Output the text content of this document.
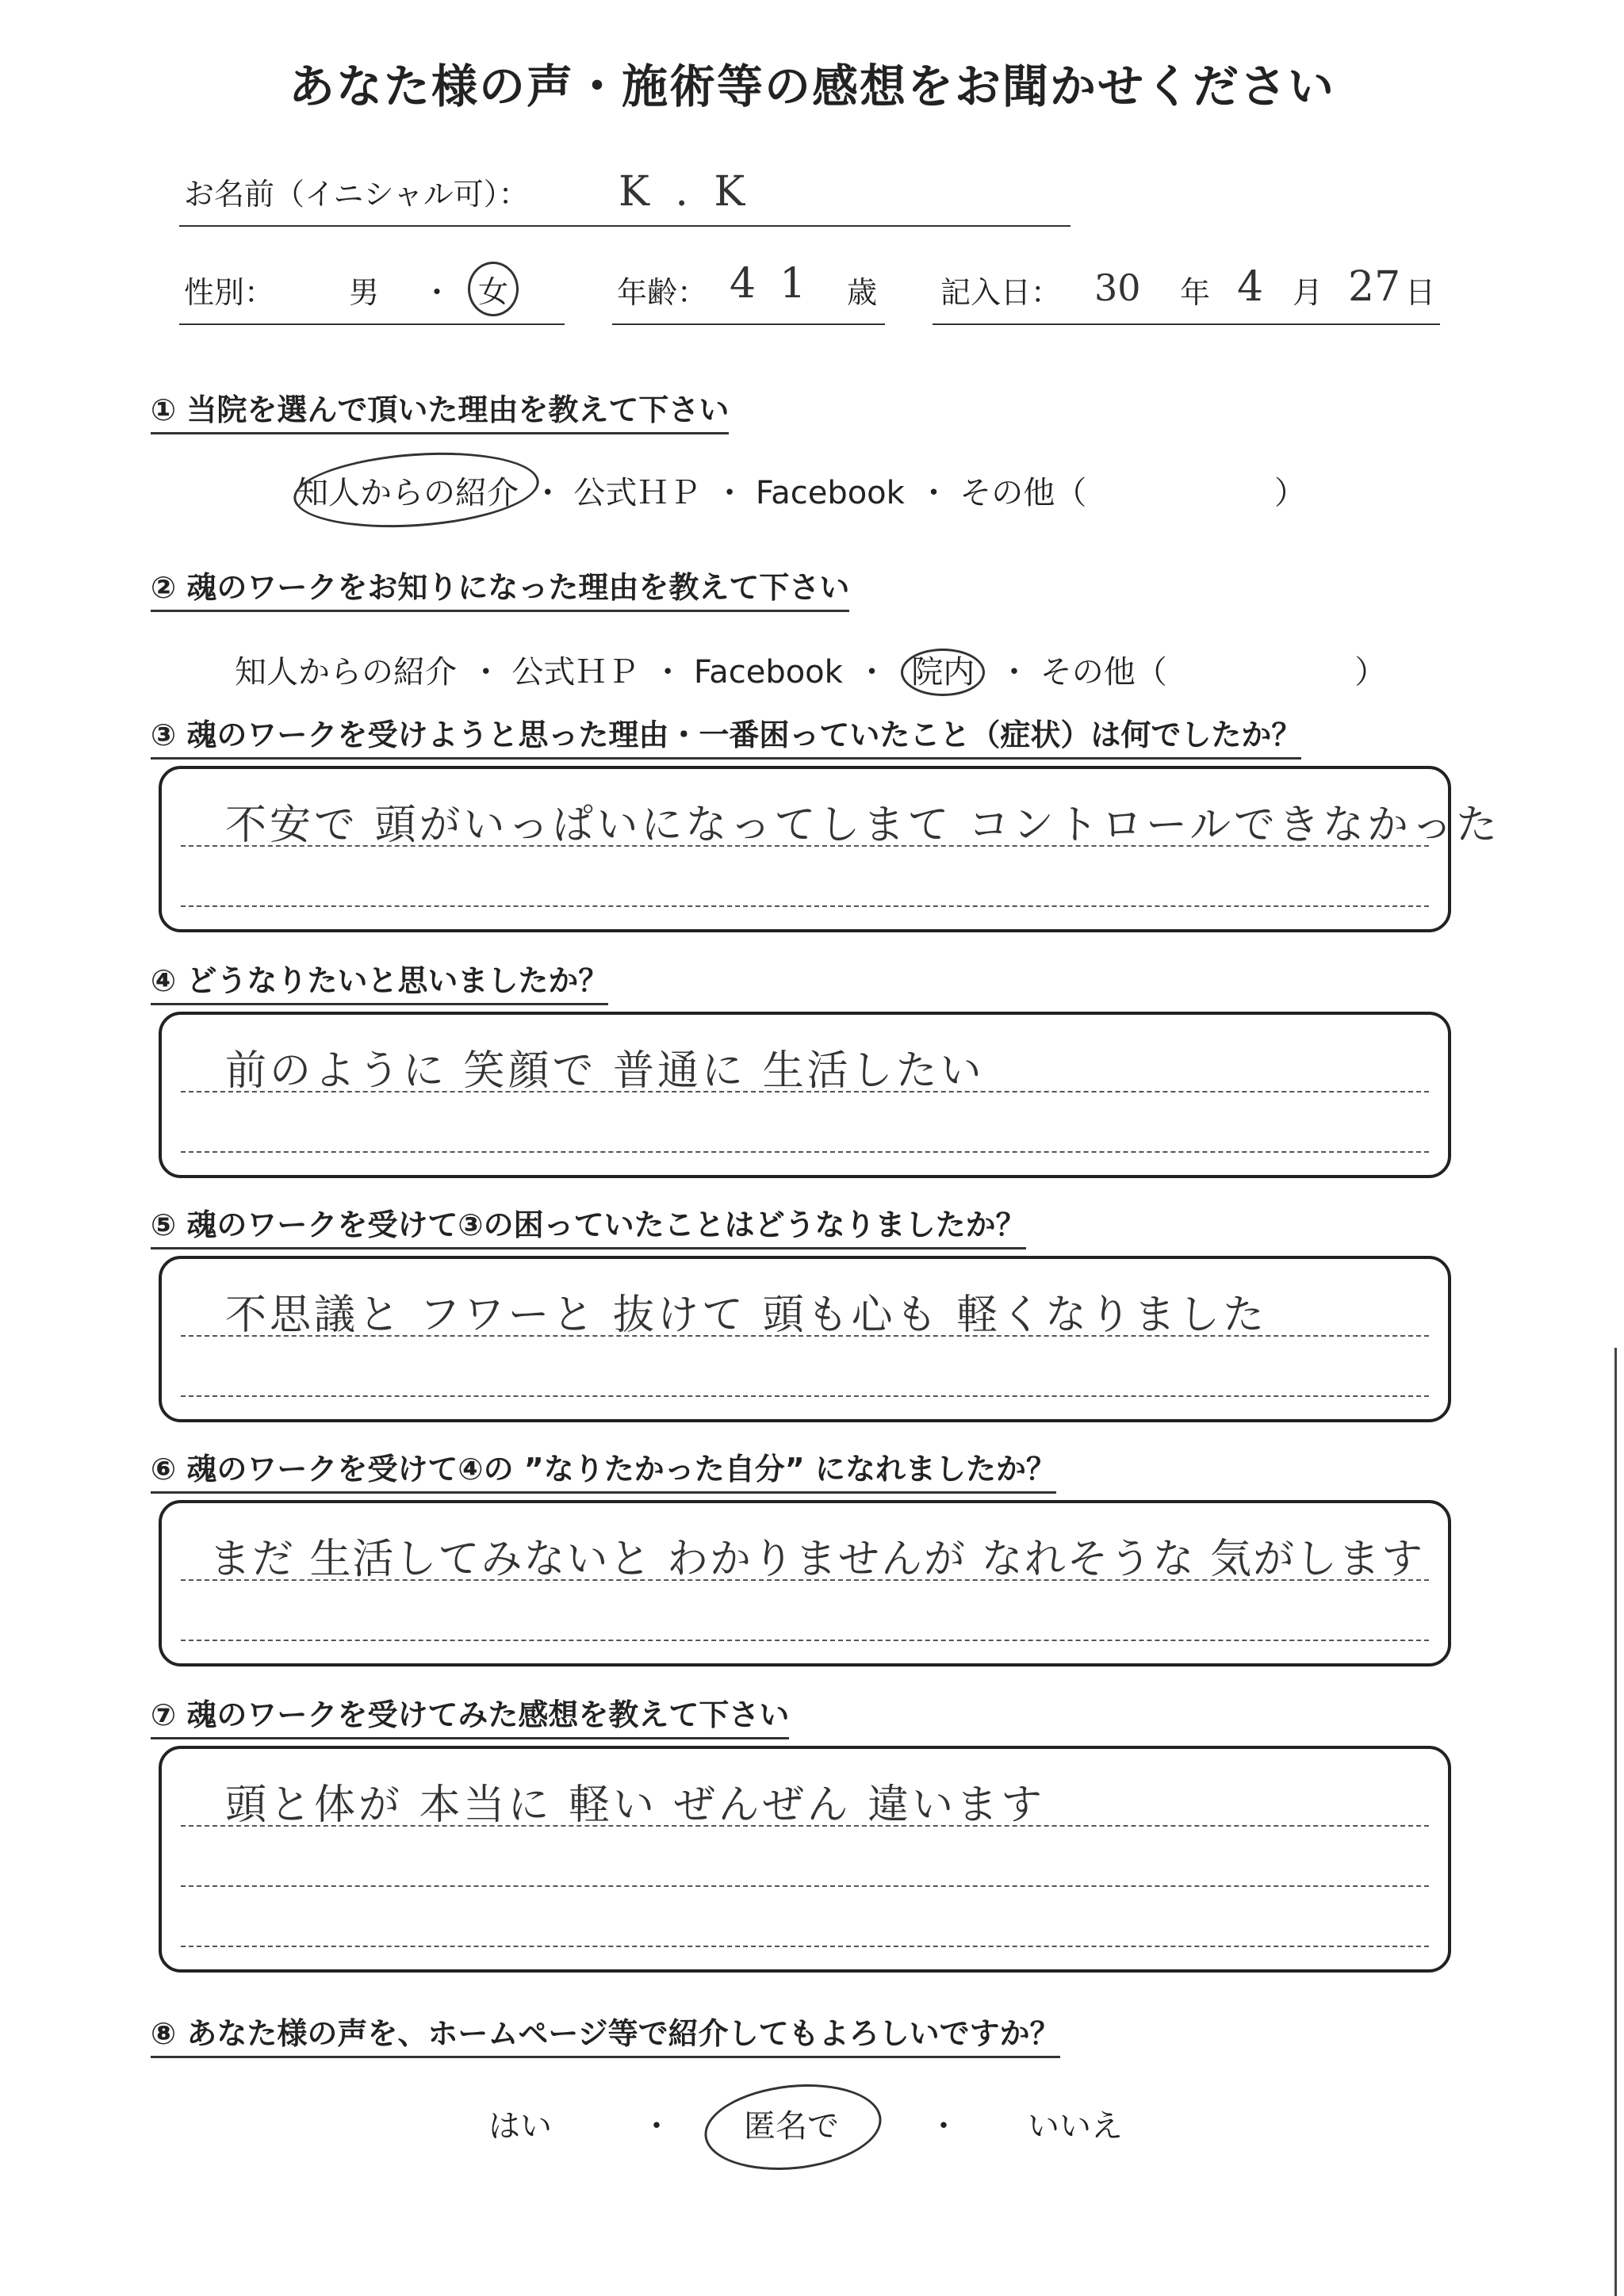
あなた様の声・施術等の感想をお聞かせください
お名前（イニシャル可）： K . K
性別： 男 ・ 女	年齢： 41 歳 記入日： 30 年 4 月 27 日
① 当院を選んで頂いた理由を教えて下さい
知人からの紹介 ・ 公式ＨＰ ・ Facebook ・ その他（	）
② 魂のワークをお知りになった理由を教えて下さい
知人からの紹介 ・ 公式ＨＰ ・ Facebook ・ 院内 ・ その他（	）
③ 魂のワークを受けようと思った理由・一番困っていたこと（症状）は何でしたか？
不安で 頭がいっぱいになってしまて コントロールできなかった
④ どうなりたいと思いましたか？
前のように 笑顔で 普通に 生活したい
⑤ 魂のワークを受けて③の困っていたことはどうなりましたか？
不思議と フワーと 抜けて 頭も心も 軽くなりました
⑥ 魂のワークを受けて④の ”なりたかった自分” になれましたか？
まだ 生活してみないと わかりませんが なれそうな 気がします
⑦ 魂のワークを受けてみた感想を教えて下さい
頭と体が 本当に 軽い ぜんぜん 違います
⑧ あなた様の声を、ホームページ等で紹介してもよろしいですか？
はい	・ 匿名で	・ いいえ
